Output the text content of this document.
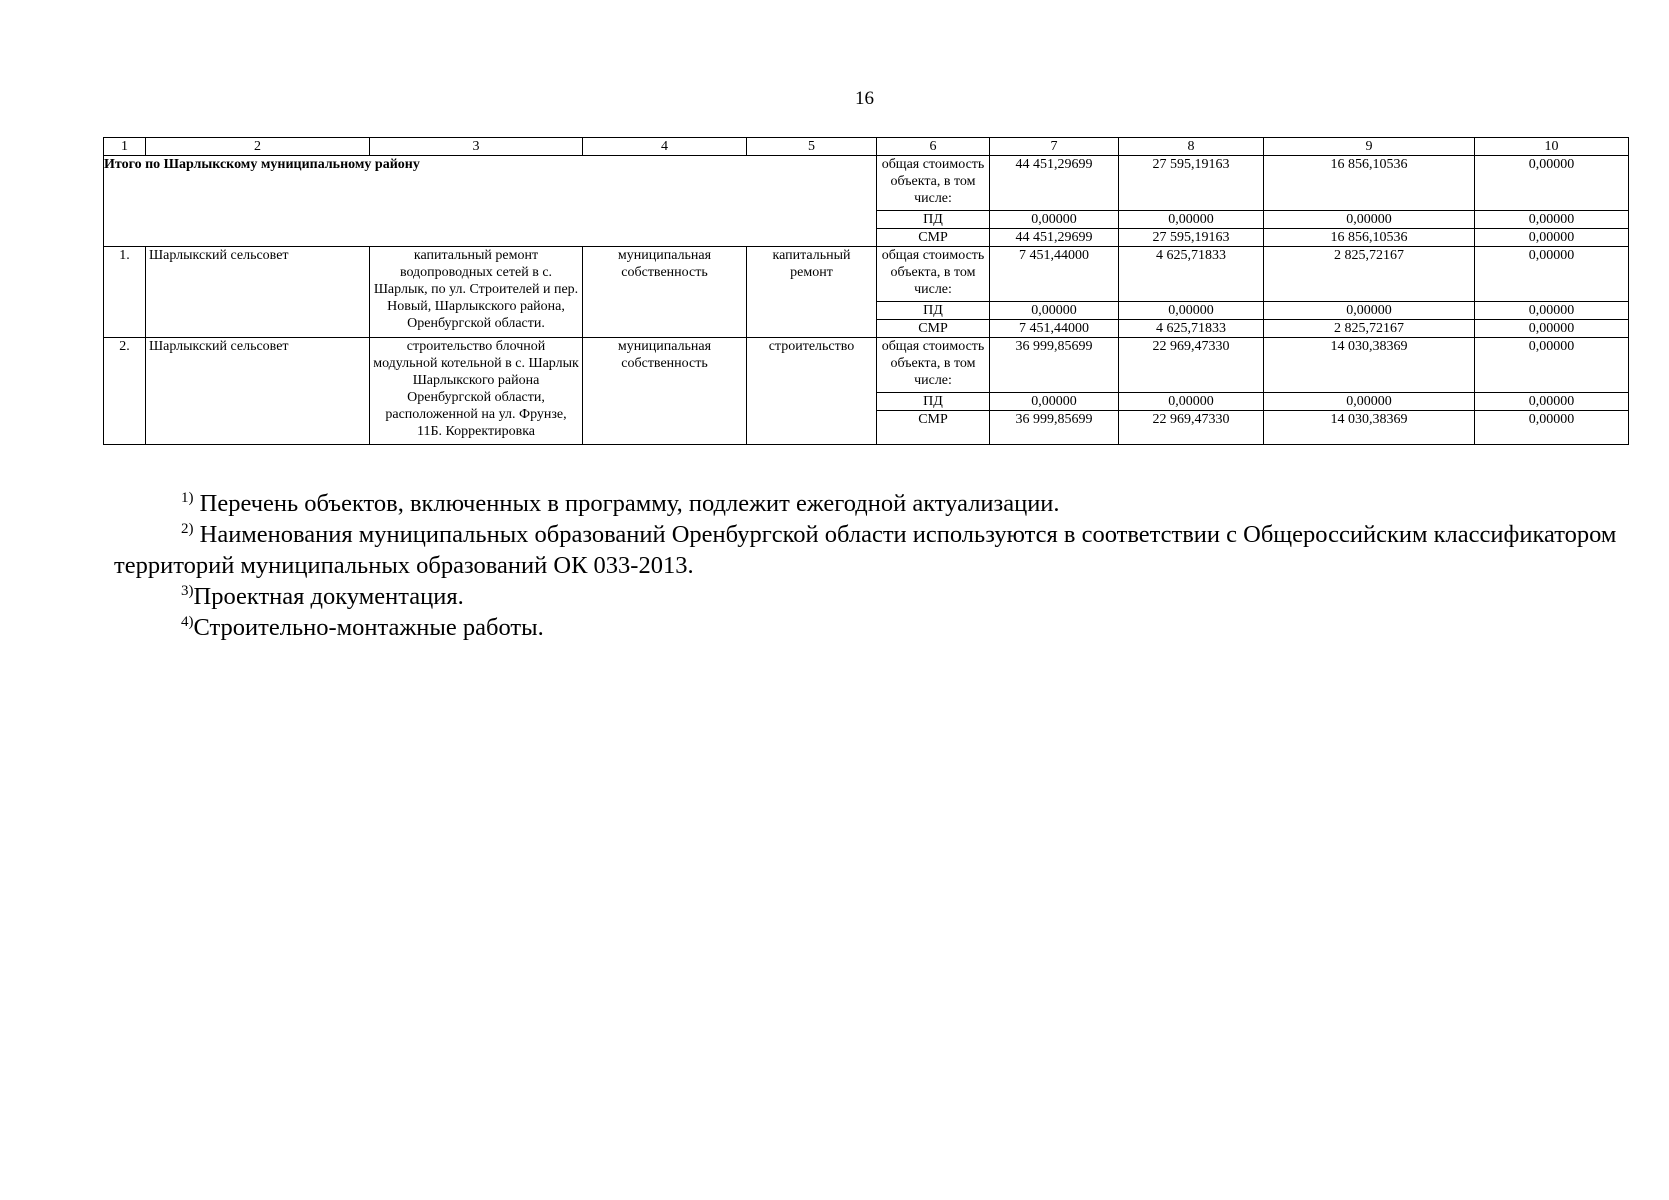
16
1	2	3	4	5	6	7	8	9	10
Итого по Шарлыкскому муниципальному району					общая стоимость объекта, в том числе:	44 451,29699	27 595,19163	16 856,10536	0,00000
					ПД	0,00000	0,00000	0,00000	0,00000
					СМР	44 451,29699	27 595,19163	16 856,10536	0,00000
1.	Шарлыкский сельсовет	капитальный ремонт водопроводных сетей в с. Шарлык, по ул. Строителей и пер. Новый, Шарлыкского района, Оренбургской области.	муниципальная собственность	капитальный ремонт	общая стоимость объекта, в том числе:	7 451,44000	4 625,71833	2 825,72167	0,00000
					ПД	0,00000	0,00000	0,00000	0,00000
					СМР	7 451,44000	4 625,71833	2 825,72167	0,00000
2.	Шарлыкский сельсовет	строительство блочной модульной котельной в с. Шарлык Шарлыкского района Оренбургской области, расположенной на ул. Фрунзе, 11Б. Корректировка	муниципальная собственность	строительство	общая стоимость объекта, в том числе:	36 999,85699	22 969,47330	14 030,38369	0,00000
					ПД	0,00000	0,00000	0,00000	0,00000
					СМР	36 999,85699	22 969,47330	14 030,38369	0,00000
$^{1)}$ Перечень объектов, включенных в программу, подлежит ежегодной актуализации.
$^{2)}$ Наименования муниципальных образований Оренбургской области используются в соответствии с Общероссийским классификатором территорий муниципальных образований ОК 033-2013.
$^{3)}$Проектная документация.
$^{4)}$Строительно-монтажные работы.
